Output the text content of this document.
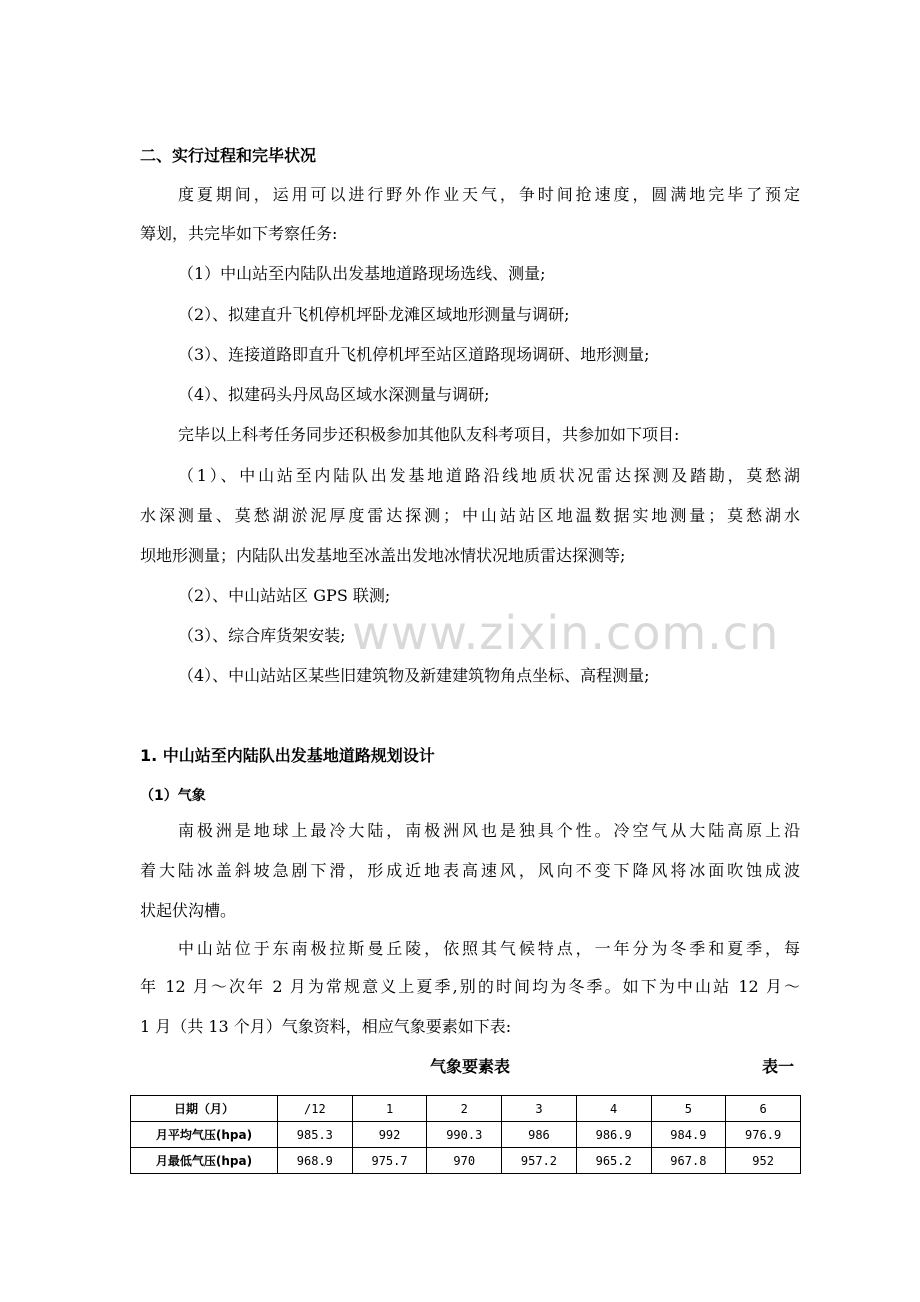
二、实行过程和完毕状况
度夏期间，运用可以进行野外作业天气，争时间抢速度，圆满地完毕了预定
筹划，共完毕如下考察任务:
（1）中山站至内陆队出发基地道路现场选线、测量;
（2）、拟建直升飞机停机坪卧龙滩区域地形测量与调研;
（3）、连接道路即直升飞机停机坪至站区道路现场调研、地形测量;
（4）、拟建码头丹凤岛区域水深测量与调研;
完毕以上科考任务同步还积极参加其他队友科考项目，共参加如下项目:
（1）、中山站至内陆队出发基地道路沿线地质状况雷达探测及踏勘，莫愁湖
水深测量、莫愁湖淤泥厚度雷达探测；中山站站区地温数据实地测量；莫愁湖水
坝地形测量；内陆队出发基地至冰盖出发地冰情状况地质雷达探测等;
（2）、中山站站区 GPS 联测;
（3）、综合库货架安装;
（4）、中山站站区某些旧建筑物及新建建筑物角点坐标、高程测量;
1. 中山站至内陆队出发基地道路规划设计
（1）气象
南极洲是地球上最冷大陆，南极洲风也是独具个性。冷空气从大陆高原上沿
着大陆冰盖斜坡急剧下滑，形成近地表高速风，风向不变下降风将冰面吹蚀成波
状起伏沟槽。
中山站位于东南极拉斯曼丘陵，依照其气候特点，一年分为冬季和夏季，每
年 12 月～次年 2 月为常规意义上夏季,别的时间均为冬季。如下为中山站 12 月～
1 月（共 13 个月）气象资料，相应气象要素如下表:
气象要素表	表一
日期（月）	/12	1	2	3	4	5	6
月平均气压(hpa)	985.3	992	990.3	986	986.9	984.9	976.9
月最低气压(hpa)	968.9	975.7	970	957.2	965.2	967.8	952
www.zixin.com.cn
